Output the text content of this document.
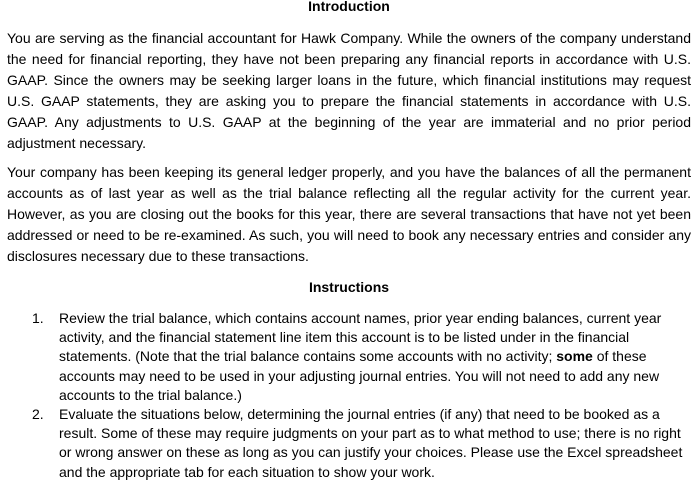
Introduction

You are serving as the financial accountant for Hawk Company. While the owners of the company understand the need for financial reporting, they have not been preparing any financial reports in accordance with U.S. GAAP. Since the owners may be seeking larger loans in the future, which financial institutions may request U.S. GAAP statements, they are asking you to prepare the financial statements in accordance with U.S. GAAP. Any adjustments to U.S. GAAP at the beginning of the year are immaterial and no prior period adjustment necessary.

Your company has been keeping its general ledger properly, and you have the balances of all the permanent accounts as of last year as well as the trial balance reflecting all the regular activity for the current year. However, as you are closing out the books for this year, there are several transactions that have not yet been addressed or need to be re-examined. As such, you will need to book any necessary entries and consider any disclosures necessary due to these transactions.

Instructions
1. Review the trial balance, which contains account names, prior year ending balances, current year activity, and the financial statement line item this account is to be listed under in the financial statements. (Note that the trial balance contains some accounts with no activity; some of these accounts may need to be used in your adjusting journal entries. You will not need to add any new accounts to the trial balance.)
2. Evaluate the situations below, determining the journal entries (if any) that need to be booked as a result. Some of these may require judgments on your part as to what method to use; there is no right or wrong answer on these as long as you can justify your choices. Please use the Excel spreadsheet and the appropriate tab for each situation to show your work.
